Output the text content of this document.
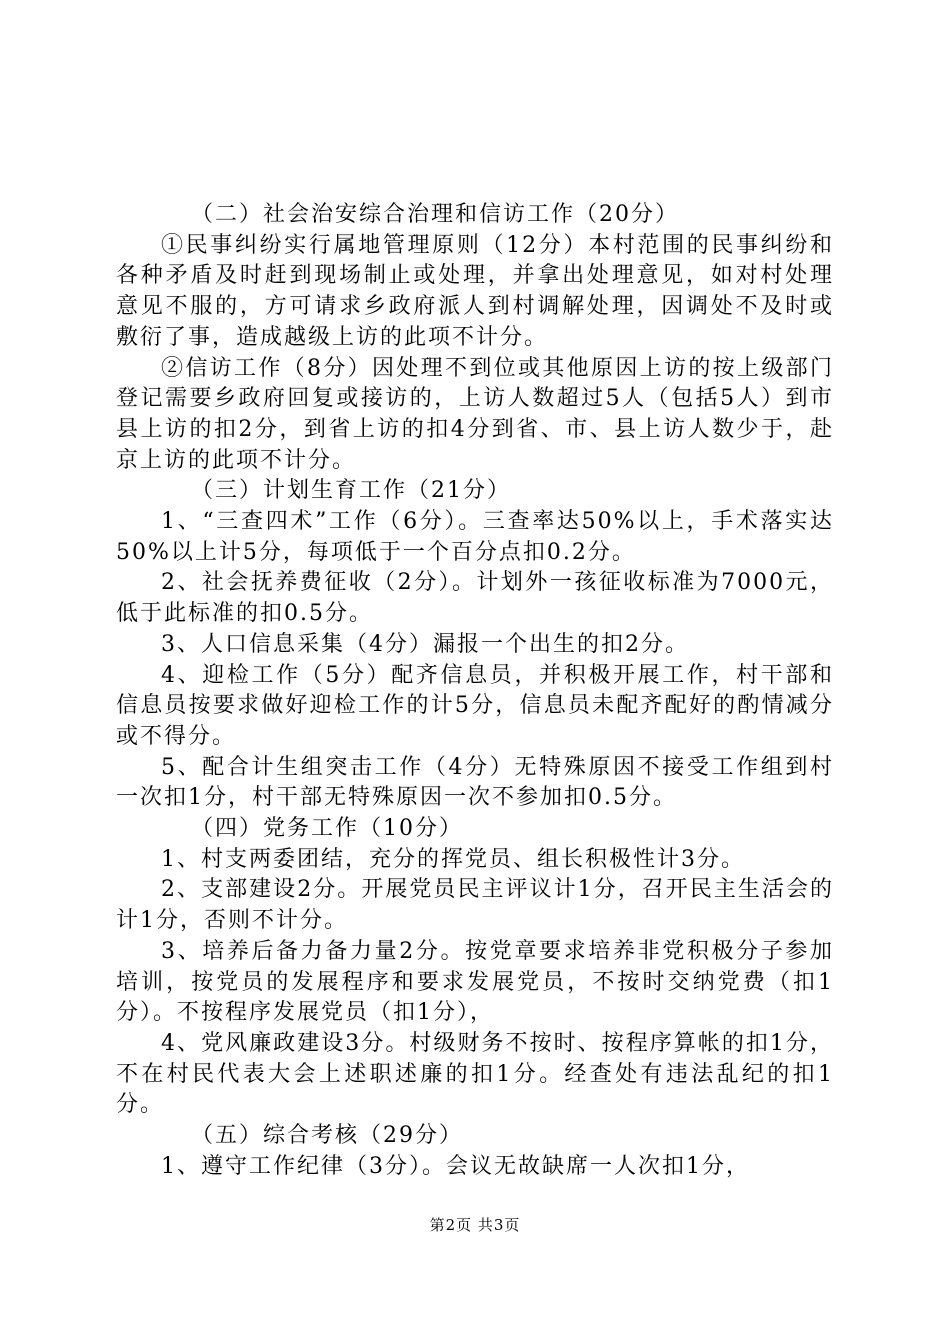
（二）社会治安综合治理和信访工作（20分）

①民事纠纷实行属地管理原则（12分）本村范围的民事纠纷和各种矛盾及时赶到现场制止或处理，并拿出处理意见，如对村处理意见不服的，方可请求乡政府派人到村调解处理，因调处不及时或敷衍了事，造成越级上访的此项不计分。

②信访工作（8分）因处理不到位或其他原因上访的按上级部门登记需要乡政府回复或接访的，上访人数超过5人（包括5人）到市县上访的扣2分，到省上访的扣4分到省、市、县上访人数少于，赴京上访的此项不计分。

（三）计划生育工作（21分）

1、“三查四术”工作（6分）。三查率达50%以上，手术落实达50%以上计5分，每项低于一个百分点扣0.2分。

2、社会抚养费征收（2分）。计划外一孩征收标准为7000元，低于此标准的扣0.5分。

3、人口信息采集（4分）漏报一个出生的扣2分。

4、迎检工作（5分）配齐信息员，并积极开展工作，村干部和信息员按要求做好迎检工作的计5分，信息员未配齐配好的酌情减分或不得分。

5、配合计生组突击工作（4分）无特殊原因不接受工作组到村一次扣1分，村干部无特殊原因一次不参加扣0.5分。

（四）党务工作（10分）

1、村支两委团结，充分的挥党员、组长积极性计3分。

2、支部建设2分。开展党员民主评议计1分，召开民主生活会的计1分，否则不计分。

3、培养后备力备力量2分。按党章要求培养非党积极分子参加培训，按党员的发展程序和要求发展党员，不按时交纳党费（扣1分）。不按程序发展党员（扣1分），

4、党风廉政建设3分。村级财务不按时、按程序算帐的扣1分，不在村民代表大会上述职述廉的扣1分。经查处有违法乱纪的扣1分。

（五）综合考核（29分）

1、遵守工作纪律（3分）。会议无故缺席一人次扣1分，

第2页 共3页
